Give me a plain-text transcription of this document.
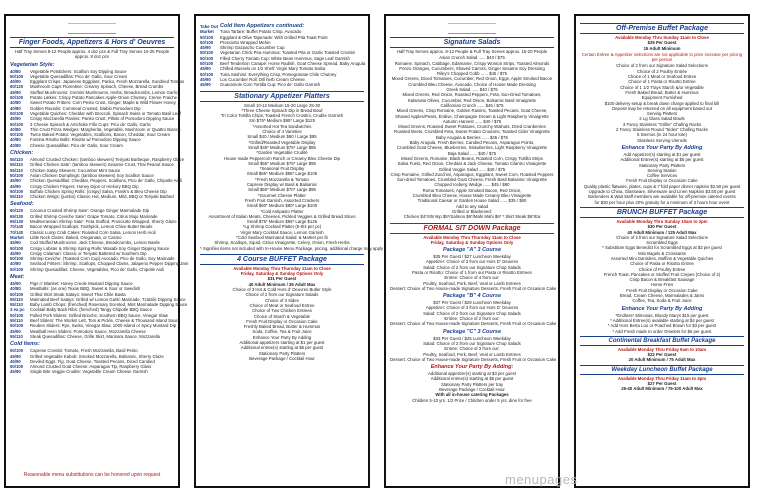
Finger Foods, Appetizers & Hors d' Oeuvres
Half Tray Serves 8-12 People approx. 4 doz pcs & Full Tray Serves 15-25 People approx. 8 doz pcs
Vegetarian Style:
40/80	Vegetable Potstickers: Scallion Soy Dipping Sauce
50/100	Vegetable Quesadillas: Pico de' Gallo, Sour Cream
45/90	Eggplant Crisps: Japanese Eggplant, Panko, Fresh Mozzarella, Sundried Tomato
60/120	Mushroom Caps Florentine: Creamy Spinach, Cheese, Bread Crumbs
45/90	Stuffed Mushrooms: Cremini Mushrooms, Herbs, Breadcrumbs, Lemon Garlic
50/100	Potato Latkes: Crispy Potato Pancakes Apple-Onion Chutney, Creme Fraiche
40/80	Sweet Potato Fritters: Corn Pesto Crust, Ginger, Maple & Wild Flower Honey
40/80	Golden Raviolis: Cornmeal Crusted, Diablo Pomodoro Dip
50/100	Vegetable Quiches: Cheddar with Broccoli, Spinach Swiss or Tomato Basil Leaf
45/90	Crispy Mozzarella Paninis: Panko Crust, Pillots of Pomodoro Dipping Sauce
50/100	3 Cheese Spinach & Artichoke Fillo Cups: Pico de' Gallo, Garlic
40/80	Thin Crust Pizza Wedges: Margherita, Vegetable, Mushroom or Quattro Bianco
50/100	Twice Baked Potato: Vegetables, Scallions, Bacon, Cheddar, Sour Cream
40/80	Fontina Risotto Balls: Risotto w/ Pomodoro Dipping Sauce
40/80	Cheese Quesadillas: Pico de' Gallo, Sour Cream
Chicken:
55/110	Almond Crusted Chicken: (tamboo skewers) Teriyaki Barbeque, Raspberry Glaze
55/110	Grilled Chicken Sate': (tamboo skewers) Sesame Crust, Thai Peanut Sauce
55/110	Chicken Satay Skewers: Cucumber Mint Sauce
50/100	Asian Chicken Dumplings: (tamboo skewers) Soy Scallion Sauce
45/90	Chicken Quesadillas: Cheddar, Peppers, Scallions, Pico de' Gallo, Chipotle Aioli
45/90	Crispy Chicken Fingers: Honey Dijon or Hickory BBQ Dip
50/100	Buffalo Chicken Spring Rolls: (crispy) Salsa, Frank's & Bleu Cheese Dip
55/110	Chicken Wings: (jumbo) Classic Hot, Medium, Mild, BBQ or Teriyaki Barbed
Seafood:
60/120	Coconut Crusted Shrimp Sate': Orange Ginger Marmalade Dip
65/130	Grilled Shrimp Ceviche Sate': Grape Tomato, Citrus Mojo Marinade
65/130	Mediterranean Shrimp Sate': Feta Stuffed, Prosciutto Wrapped, Sherry Glaze
70/140	Bacon Wrapped Scallops: Toothpick, Lemon Chive Butter Beads
70/140	Classic Lump Crab Cakes: Roasted Corn Salsa, Lemon Herb Aioli
Market	Little Neck Clams: Baked, Oreganata, or Casino
45/90	Cod Stuffed Mushrooms: Jack Cheese, Breadcrumbs, Lemon Basile
50/100	Crispy Lobster & Shrimp Spring Rolls: Wasabi Soy Ginger Dipping Sauce
45/90	Crispy Calamari: Classic or Teriyaki Battered w/ Southern Dip
50/100	Shrimp Ceviche: (Toasted Corn Cup) Avocado, Pico de Gallo, Soy Marinade
40/80	Seafood Fritters: Shrimp, Scallops, Chopped Clams, Jalapeno Pepper Dipping Jam
50/100	Shrimp Quesadillas: Cheese, Vegetables, Pico de' Gallo, Chipotle Aioli
Meat:
45/90	Pigs n' Blanket: Honey Creole Mustard Dipping Sauce
40/80	Meatballs: (as one) Texas BBQ, Sweet & Sour or Swedish
50/100	Grilled Skirt Steak Satays: Sweet Thai Chile Basta
55/110	Marinated Beef Satays: Grilled w/ Lemon Garlic Marinade, Tzatziki Dipping Sauce
55/110	Baby Lamb Chops: (frenched) Rosemary Scented, Mint Marmalade Dipping Sauce
3 ea pc	Cocktail Baby Back Ribs: (frenched) Tangy Chipotle BBQ Sauce
50/100	Pulled Pork Sliders: Grilled Brioche, Southern BBQ Sauce, Vinegar Slaw
55/110	Beef Sliders: The Works! Lett, Tom & Pickle, Cheese & Thousand Island Sauce
50/100	Reuben Sliders: Rye, Swiss, Vinegar Slaw, 1000 Island or Spicy Mustard Dip
45/90	Meatball Hero Sliders: Pomodoro Sauce, Mozzarella Cheese
55/110	Steak Quesadillas: Cheese, Grille Skirt, Marinara Sauce, Mozzarella
Cold Items:
50/100	Caprese Crostini: Tomato, Fresh Mozzarella, Basil Pesto
45/90	Grilled Vegetable Kabob: Smoked Mozzarella, Balsamic, Sherry Glaze
45/90	Deviled Eggs: Fig, Goat Cheese, Toasted Pecans, Diced Candied
50/100	Almond Crusted Goat Cheese: Asparagus Tip, Raspberry Glass
45/90	Single Bite Veggie Crudite: Vegetable Cream Cheese Garnish
Reasonable menu substitutions can be honored upon request
Take Out Cold Item Appetizers continued:
Market	Tuna Tartare: Buffet Potato Crisp, Avocado
50/100	Eggplant & Olive Tapenade: With Grilled Pita Toast Point
50/100	Prosciutto Wrapped Melon
45/90	Shrimp Gazpacho Cucumber Cup
50/100	Vegetarian Chick Pea Hummus: Toasted Pita or Garlic Toasted Crostini
50/100	Filled Cherry Tomato Cup: White Bean Hummus, Sage Leaf Garnish
50/100	Beef Tenderloin Canapé: Horse Radish, Goat Cheese Spread, Baby Arugula
45/90	Chilled Mussels on 1/2 Shell: Virgin Mary Tomato Salsa
50/100	Tuna Sashimi: Everything Crisp, Pomegranate Chile Chutney
45/90	Lox Cucumber Roll: Dill herb Cream Cheese
45/90	Guacamole Corn Tortilla Cup: Pico de' Gallo Garnish
Stationary Appetizer Platters
Small 10-12 Medium 15-20 Large 25-30
*Three Cheese Spinach Dip in Bread Bowl
Tri Color Tortilla Chips, Toasted French Crostini, Crudite Garnish
Sm $75* Medium $95* Large $125
*Assorted Hot Tea Sandwiches
Choice of 4 Varieties
Small $40 / Medium $60 / Large $85
*Grilled/Roasted Vegetable Display
Small $45* Medium $75* Large $95
*Garden Vegetable Crudité
House made Peppercorn Ranch or Creamy Bleu Cheese Dip
Small $55* Medium $75* Large $95
*Seasonal Fruit Display
Small $65* Medium $85* Large $105
*Fresh Mozzarella & Tomato
Caprese Display w/ Basil & Balsamic
Small $50* Medium $70* Large $95
*Gourmet Cheese Platter
Fresh Fruit Garnish, Assorted Crackers
Small $60* Medium $80* Large $100
*Cold Antipasto Platter
Assortment of Italian Meats, Cheeses, Pickled Veggies & Grilled Bread Slices
Small $75* Medium $95* Large $125
*Lg Shrimp Cocktail Platter (6-8/4 per pc)
Virgin Mary Cocktail Sauce, Lemon Garnish
*Cold Seafood Marinated Salad: & Market per lb
Shrimp, Scallops, Squid, Citrus Vinaigrette, Celery, Onion, Fresh Herbs
* Signifies items not included with In-House Menu Package, pricing, additional charge may apply
4 Course BUFFET Package
Available Monday Thru Thursday 11am to Close
Friday, Saturday & Sunday Options Only
$31 Per Guest
40 Adult Minimum / 35 Adult Max
Choice of 3 Hot & Cold Hors d' Oeuvres Butler Style
Choice of 2 from our Signature Salads
Choice of 3 Sides
Choice of Meat or Seafood Entree
Choice of Two Chicken Entrees
Choice of Starch & Vegetable
Fresh Fruit Display or Occasion Cake
Freshly Baked Bread, Butter & Hummus
Soda, Coffee, Tea & Fruit Juice
Enhance Your Party By Adding
Additional appetizers starting at $1 per guest
Additional entree(s) starting at $5 per guest
Stationary Party Platters
Beverage Package / Cocktail Hour
Signature Salads
Half Tray Serves approx. 8-12 People & Full Tray Serves approx. 15-20 People
Asian Crunch Salad ...... $40 / $75
Romaine, Spinach, Cabbage, Edamame, Crispy Wonton Strips, Toasted Almonds
Ponzu Oranges, Cucumbers, Shaved Carrots, Ginger Sesame Soy Dressing
Riley's Chopped Cobb ...... $45 / $75
Mixed Greens, Diced Tomatoes, Cucumber, Red Onion, Eggs, Apple Smoked Bacon
Crumbled Bleu Cheese, Avocado, Choice of House Made Dressing
Greek Salad ...... $40 / $75
Mixed Greens, Red Onion, Roasted Peppers, Feta, Sun-Dried Tomatoes,
Kalamata Olives, Cucumber, Red Onion, Balsamic Basil Vinaigrette
Californian Crunch ...... $45 / $75
Mixed Greens, Crisp Romaine, Golden Raisins, Toasted Pecans, Goat Cheese,
Shaved Apples/Pears, Endive, Champagne Dream & Light Raspberry Vinaigrette
Autumn Harvest ...... $40 / $75
Mixed Greens, Roasted Sweet Potatoes, Crunchy Walnuts, Dried Cranberries
Roasted Beets, Crumbled Feta, Sweet Potato Croutons, Toasted Cider Vinaigrette
Baby Arugula & Berries ...... $45 / $75
Baby Arugula, Fresh Berries, Candied Pecans, Asparagus Points,
Crumbled Goat Cheese, Blueberries, Strawberries, Light Raspberry Vinaigrette
Baja Salad ...... $40 / $75
Mixed Greens, Romaine, Black Beans, Roasted Corn, Crispy Tortilla Strips
Salsa Fuelo, Red Onion, Cheddar & Jack Cheese, Tomato Cilantro Vinaigrette
Grilled Veggie Salad ...... $40 / $75
Crisp Romaine, Grilled Zucchini, Asparagus, Eggplant, Sweet Corn, Roasted Peppers
Sun-dried Tomatoes, Crumbled Goat Cheese, Fresh Basil Balsamic Vinaigrette
Chopped Iceberg Wedge ...... $45 / $80
Roma Tomatoes, Apple Smoked Bacon, Red Onion,
Crumbled Bleu Cheese, House Made Creamy Bleu Vinaigrette
Traditional Caesar or Garden House Salad ...... $35 / $60
Add to any salad
Grilled or Blackened:
Chicken $4*/Shrimp $5*/Salmon $6*/Mahi Mahi $6* * Skirt Steak $6*/Ea
FORMAL SIT DOWN Package
Available Monday Thru Thursday 11am to Close
Friday, Saturday & Sunday Options Only
Package "A" 3 Course
$35 Per Guest / $27 Luncheon Weekday
Appetizer: Choice of 3 from our Hors D' Oeuvres
Salad: Choice of 2 from our Signature Chop Salads
Pasta or Risotto: Choice of 1 from our Pasta or Risotto Entrees
Entree: Choice of 4 from our:
Poultry, Seafood, Pork, Beef, Veal or Lamb Entrees
Dessert: Choice of Two House-made Signature Desserts, Fresh Fruit or Occasion Cake
Package "B" 4 Course
$37 Per Guest / $29 Luncheon Weekday
Appetizer: Choice of 3 from our Hors D' Oeuvres
Salad: Choice of 2 from our Signature Chop Salads
Entree: Choice of 2 from our:
Dessert: Choice of Two House-made Signature Desserts, Fresh Fruit or Occasion Cake
Package "C" 3 Course
$33 Per Guest / $25 Luncheon Weekday
Salad: Choice of 2 from our Signature Chop Salads
Entree: Choice of 3 from our:
Poultry, Seafood, Pork, Beef, Veal or Lamb Entrees
Dessert: Choice of Two House-made Signature Desserts, Fresh Fruit or Occasion Cake
Enhance Your Party By Adding:
Additional appetizer(s) starting at $3 per guest
Additional entree(s) starting at $5 per guest
Stationary Party Platters per tray
Beverage Package / Cocktail Hour
With all in-house catering Packages
Children 5-10 yrs. 1/2 Price / Children under 5 yrs. dine for free
Off-Premise Buffet Package
Available Monday Thru Sunday 11am to Close
$25 Per Guest
15 Adult Minimum
Certain Entree & Appetizer selections are not applicable to price increase per pricing per person
Choice of 2 from our Signature Salad Selections
Choice of 2 Poultry Entrée
Choice of 1 Meat or Seafood Entree
Choice of 1 Pasta or Risotto Entree
Choice of 1 1/2 Trays Starch &/or Vegetable
Fresh Baked Bread, Butter & Hummus
Equipment Furnished
$100 delivery setup & break down charge applied to final bill
Deposit may be returned on all equipment based out
Serving Platters
2 Lg Glass Salad Bowls
3 Fancy Stainless "Grillie" Chafing Racks
2 Fancy Stainless Round "Sides" Chafing Racks
5 Sternos (in 24 hour tote)
Stainless Serving Utensils
Enhance Your Party By Adding
Add Appetizer(s) starting at $1 per guest
Additional Entree(s) starting at $5 per guest
Stationary Party Platters
Serving Station
Coffee Services
Fresh Fruit Display or Occasion Cake
Quality plastic flatware, plates, cups & 7 fold paper dinner napkins $2.50 per guest
Upgrade to China, Glassware, Silverware and Linen Napkins $3.50 per guest
Bartenders & Wait Staff members are available for off-premise catered events
for $30 per hour plus 20% gratuity for a minimum of 3 hours hour event
BRUNCH BUFFET Package
Available Monday Thru Sunday 10am to 3pm
$30 Per Guest
40 Adult Minimum / 125 Adult Max
Choice of 2 from our Signature Salad Selections
Scrambled Eggs
* Substitute Eggs Benedict for Scrambled Eggs at $2 per guest
Mini Bagels & Croissants
Assorted Mini Danishes, Muffins & Vegetable Quiches
Choice of Pasta or Risotto Entree
Choice of Poultry Entree
French Toast, Pancakes or Stuffed Fruit Crepes (Choice of 2)
Crisp Bacon & Breakfast Sausage
Home Fries
Fresh Fruit Display or Occasion Cake
Bread, Cream Cheese, Marmalades & Jams
Coffee, Tea, Soda & Fruit Juice
Enhance Your Party By Adding
*Endless* Mimosas, Bloody Marys $15 per guest
* Additional Entree(s) available starting at $4 per guest
* Add Hors Berta Loo or Poached Brown for $3 per guest
* Add Fresh made to order Omelets for $6 per guest
Continental Breakfast Buffet Package
Available Monday Thru Friday 9am to 10am
$22 Per Guest
20 Adult Minimum / 75 Adult Max
Weekday Luncheon Buffet Package
Available Monday Thru Friday 11am to 3pm
$27 Per Guest
25-40 Adult Minimum / 75-100 Adult Max
menupages
